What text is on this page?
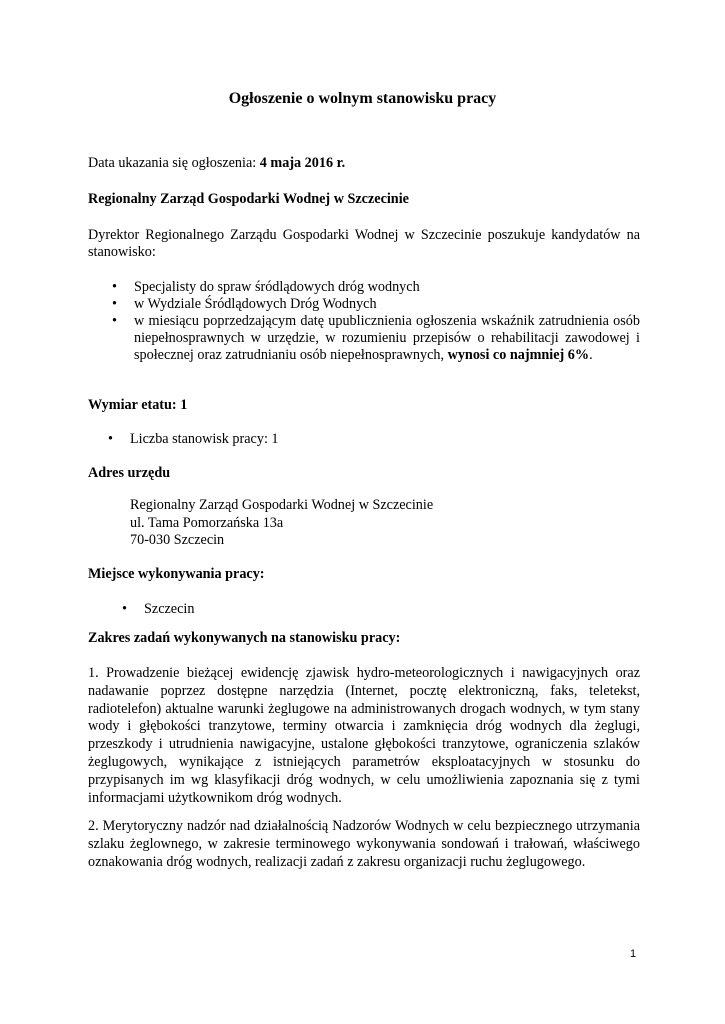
Ogłoszenie o wolnym stanowisku pracy
Data ukazania się ogłoszenia: 4 maja 2016 r.
Regionalny Zarząd Gospodarki Wodnej w Szczecinie
Dyrektor Regionalnego Zarządu Gospodarki Wodnej w Szczecinie poszukuje kandydatów na stanowisko:
• Specjalisty do spraw śródlądowych dróg wodnych
• w Wydziale Śródlądowych Dróg Wodnych
• w miesiącu poprzedzającym datę upublicznienia ogłoszenia wskaźnik zatrudnienia osób niepełnosprawnych w urzędzie, w rozumieniu przepisów o rehabilitacji zawodowej i społecznej oraz zatrudnianiu osób niepełnosprawnych, wynosi co najmniej 6%.
Wymiar etatu: 1
• Liczba stanowisk pracy: 1
Adres urzędu
Regionalny Zarząd Gospodarki Wodnej w Szczecinie
ul. Tama Pomorzańska 13a
70-030 Szczecin
Miejsce wykonywania pracy:
• Szczecin
Zakres zadań wykonywanych na stanowisku pracy:
1. Prowadzenie bieżącej ewidencję zjawisk hydro-meteorologicznych i nawigacyjnych oraz nadawanie poprzez dostępne narzędzia (Internet, pocztę elektroniczną, faks, teletekst, radiotelefon) aktualne warunki żeglugowe na administrowanych drogach wodnych, w tym stany wody i głębokości tranzytowe, terminy otwarcia i zamknięcia dróg wodnych dla żeglugi, przeszkody i utrudnienia nawigacyjne, ustalone głębokości tranzytowe, ograniczenia szlaków żeglugowych, wynikające z istniejących parametrów eksploatacyjnych w stosunku do przypisanych im wg klasyfikacji dróg wodnych, w celu umożliwienia zapoznania się z tymi informacjami użytkownikom dróg wodnych.
2. Merytoryczny nadzór nad działalnością Nadzorów Wodnych w celu bezpiecznego utrzymania szlaku żeglownego, w zakresie terminowego wykonywania sondowań i trałowań, właściwego oznakowania dróg wodnych, realizacji zadań z zakresu organizacji ruchu żeglugowego.
1
